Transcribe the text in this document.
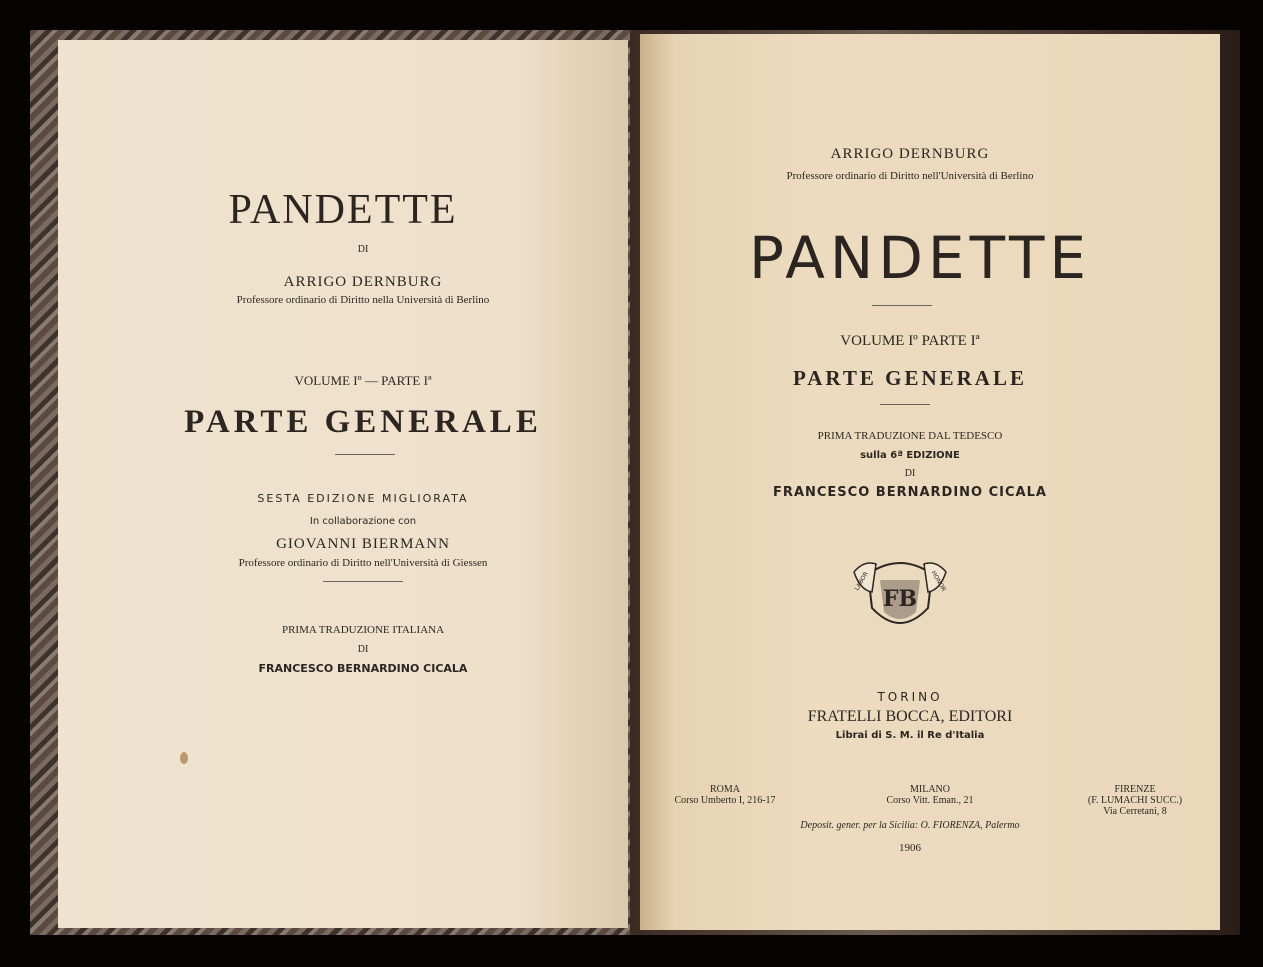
PANDETTE
DI
ARRIGO DERNBURG
Professore ordinario di Diritto nella Università di Berlino
VOLUME Iº — PARTE Iª
PARTE GENERALE
SESTA EDIZIONE MIGLIORATA
In collaborazione con
GIOVANNI BIERMANN
Professore ordinario di Diritto nell'Università di Giessen
PRIMA TRADUZIONE ITALIANA
DI
FRANCESCO BERNARDINO CICALA
ARRIGO DERNBURG
Professore ordinario di Diritto nell'Università di Berlino
PANDETTE
VOLUME Iº PARTE Iª
PARTE GENERALE
PRIMA TRADUZIONE DAL TEDESCO
sulla 6ª EDIZIONE
DI
FRANCESCO BERNARDINO CICALA
FB
LABOR	HONOR
TORINO
FRATELLI BOCCA, EDITORI
Librai di S. M. il Re d'Italia
ROMA
Corso Umberto I, 216-17
MILANO
Corso Vitt. Eman., 21
FIRENZE
(F. LUMACHI SUCC.)
Via Cerretani, 8
Deposit. gener. per la Sicilia: O. FIORENZA, Palermo
1906
